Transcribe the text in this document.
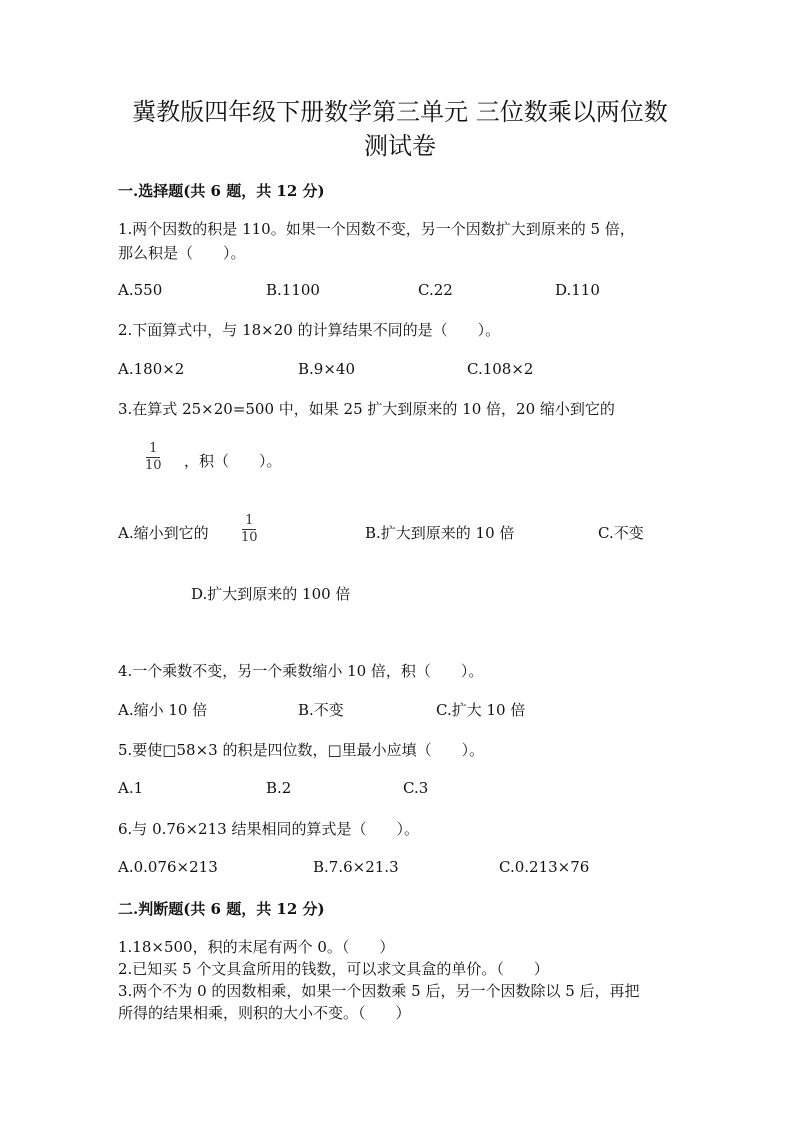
冀教版四年级下册数学第三单元 三位数乘以两位数
测试卷
一.选择题(共 6 题，共 12 分)
1.两个因数的积是 110。如果一个因数不变，另一个因数扩大到原来的 5 倍，
那么积是（　　）。
A.550	B.1100	C.22	D.110
2.下面算式中，与 18×20 的计算结果不同的是（　　）。
A.180×2	B.9×40	C.108×2
3.在算式 25×20=500 中，如果 25 扩大到原来的 10 倍，20 缩小到它的
1
10 ，积（　　）。
A.缩小到它的
1
10	B.扩大到原来的 10 倍	C.不变
D.扩大到原来的 100 倍
4.一个乘数不变，另一个乘数缩小 10 倍，积（　　）。
A.缩小 10 倍	B.不变	C.扩大 10 倍
5.要使□58×3 的积是四位数，□里最小应填（　　）。
A.1	B.2	C.3
6.与 0.76×213 结果相同的算式是（　　）。
A.0.076×213	B.7.6×21.3	C.0.213×76
二.判断题(共 6 题，共 12 分)
1.18×500，积的末尾有两个 0。（　　）
2.已知买 5 个文具盒所用的钱数，可以求文具盒的单价。（　　）
3.两个不为 0 的因数相乘，如果一个因数乘 5 后，另一个因数除以 5 后，再把
所得的结果相乘，则积的大小不变。（　　）
